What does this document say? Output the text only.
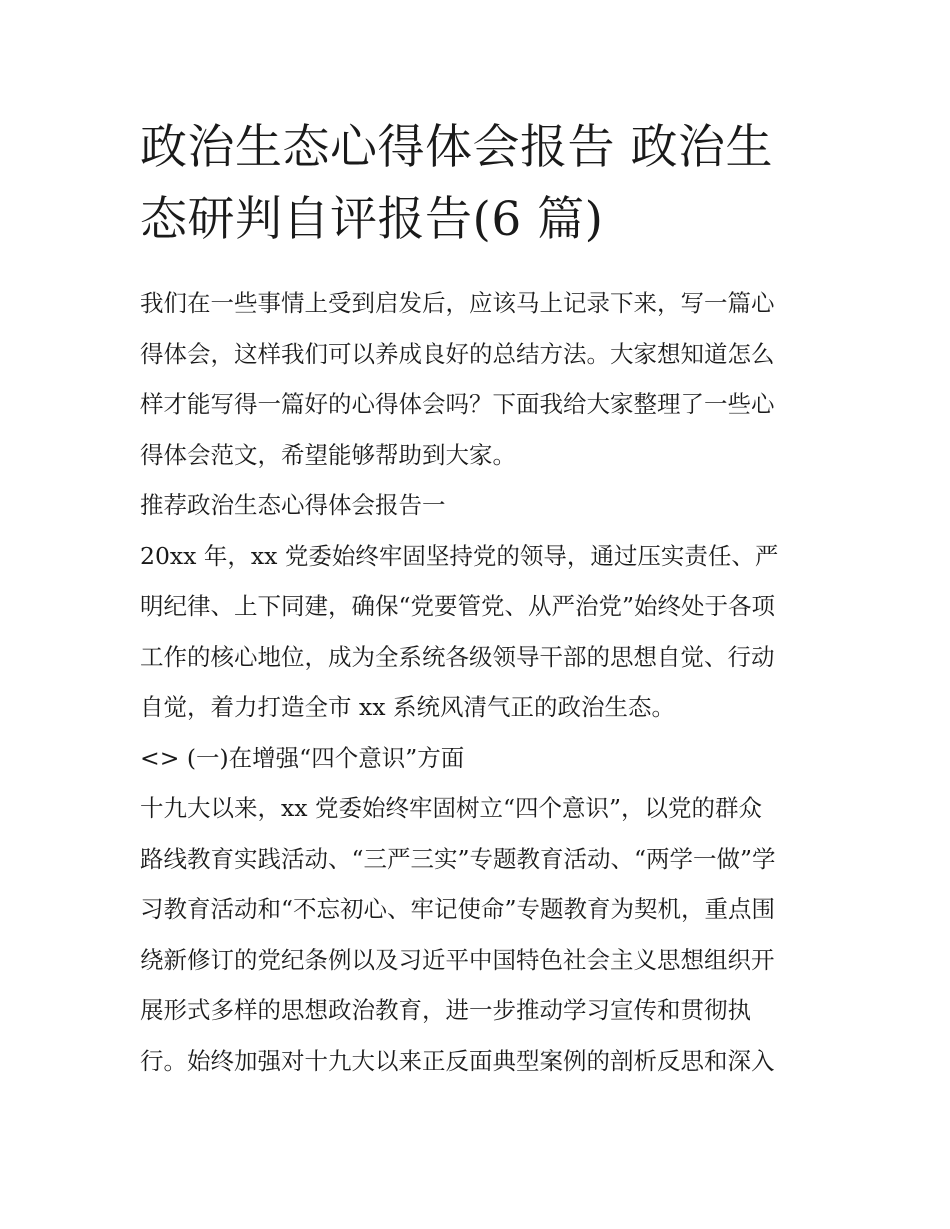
政治生态心得体会报告 政治生
态研判自评报告(6 篇)

我们在一些事情上受到启发后，应该马上记录下来，写一篇心

得体会，这样我们可以养成良好的总结方法。大家想知道怎么

样才能写得一篇好的心得体会吗？下面我给大家整理了一些心

得体会范文，希望能够帮助到大家。

推荐政治生态心得体会报告一

20xx 年，xx 党委始终牢固坚持党的领导，通过压实责任、严

明纪律、上下同建，确保“党要管党、从严治党”始终处于各项

工作的核心地位，成为全系统各级领导干部的思想自觉、行动

自觉，着力打造全市 xx 系统风清气正的政治生态。

<> (一)在增强“四个意识”方面

十九大以来，xx 党委始终牢固树立“四个意识”，以党的群众

路线教育实践活动、“三严三实”专题教育活动、“两学一做”学

习教育活动和“不忘初心、牢记使命”专题教育为契机，重点围

绕新修订的党纪条例以及习近平中国特色社会主义思想组织开

展形式多样的思想政治教育，进一步推动学习宣传和贯彻执

行。始终加强对十九大以来正反面典型案例的剖析反思和深入
